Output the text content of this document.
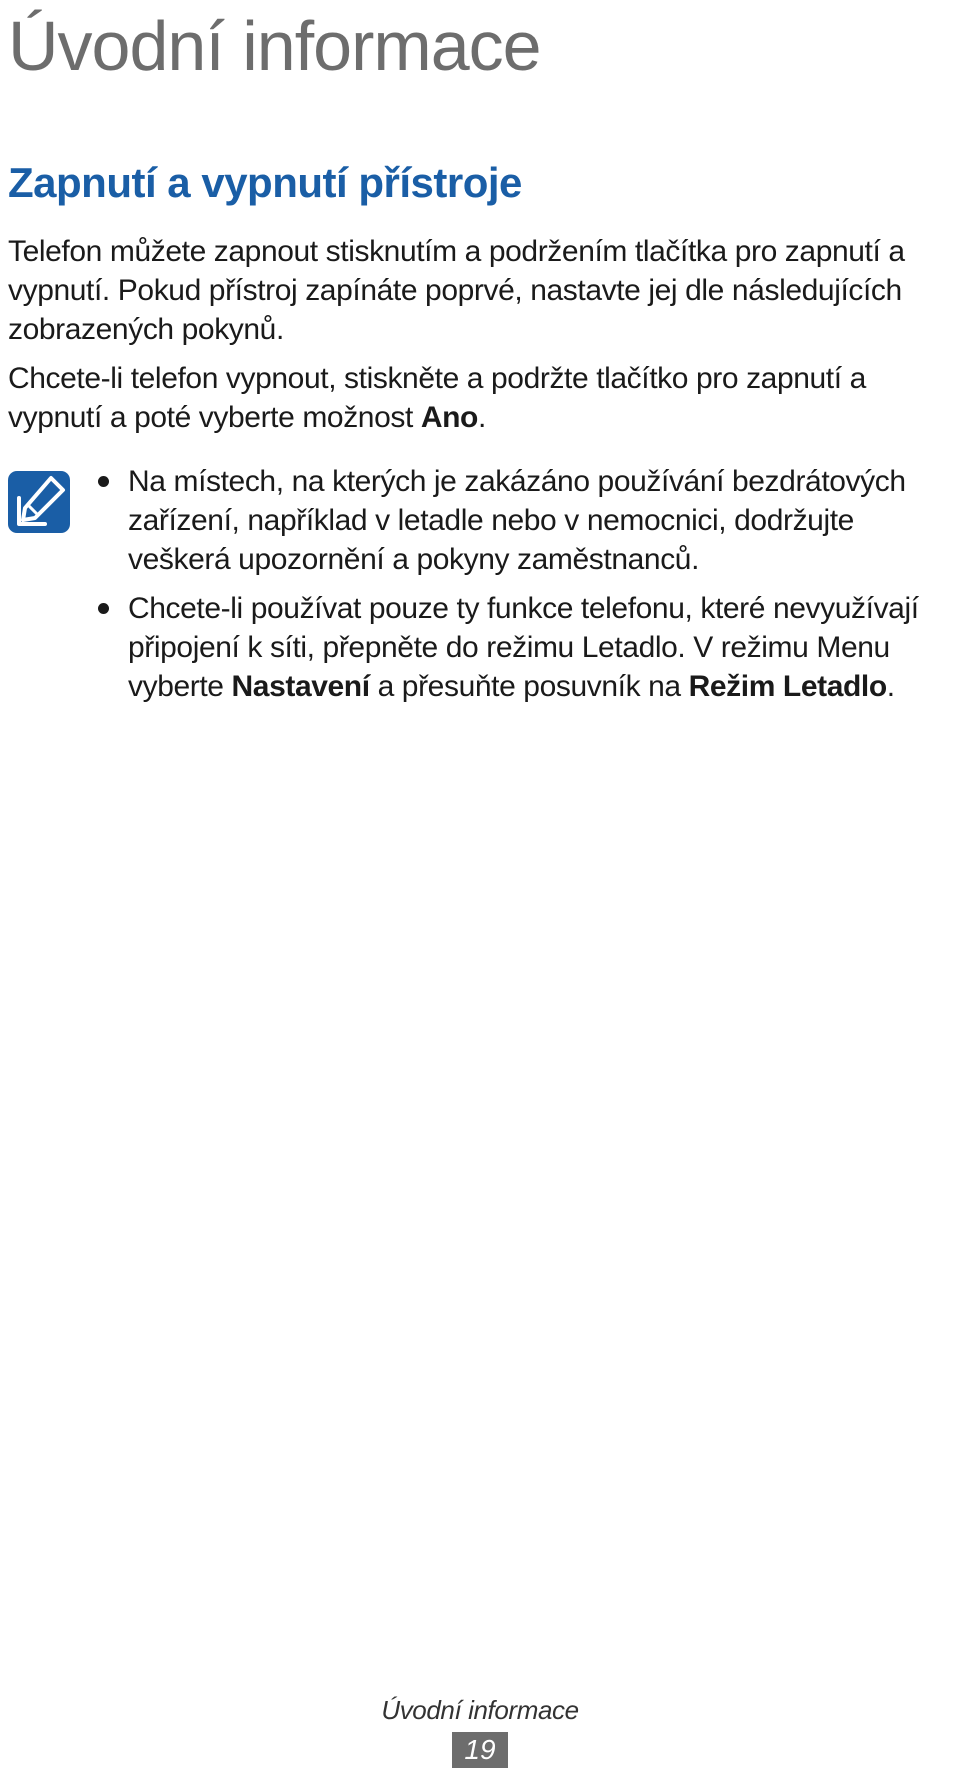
Úvodní informace
Zapnutí a vypnutí přístroje

Telefon můžete zapnout stisknutím a podržením tlačítka pro zapnutí a vypnutí. Pokud přístroj zapínáte poprvé, nastavte jej dle následujících zobrazených pokynů.

Chcete-li telefon vypnout, stiskněte a podržte tlačítko pro zapnutí a vypnutí a poté vyberte možnost Ano.

Na místech, na kterých je zakázáno používání bezdrátových zařízení, například v letadle nebo v nemocnici, dodržujte veškerá upozornění a pokyny zaměstnanců.
Chcete-li používat pouze ty funkce telefonu, které nevyužívají připojení k síti, přepněte do režimu Letadlo. V režimu Menu vyberte Nastavení a přesuňte posuvník na Režim Letadlo.
Úvodní informace
19
